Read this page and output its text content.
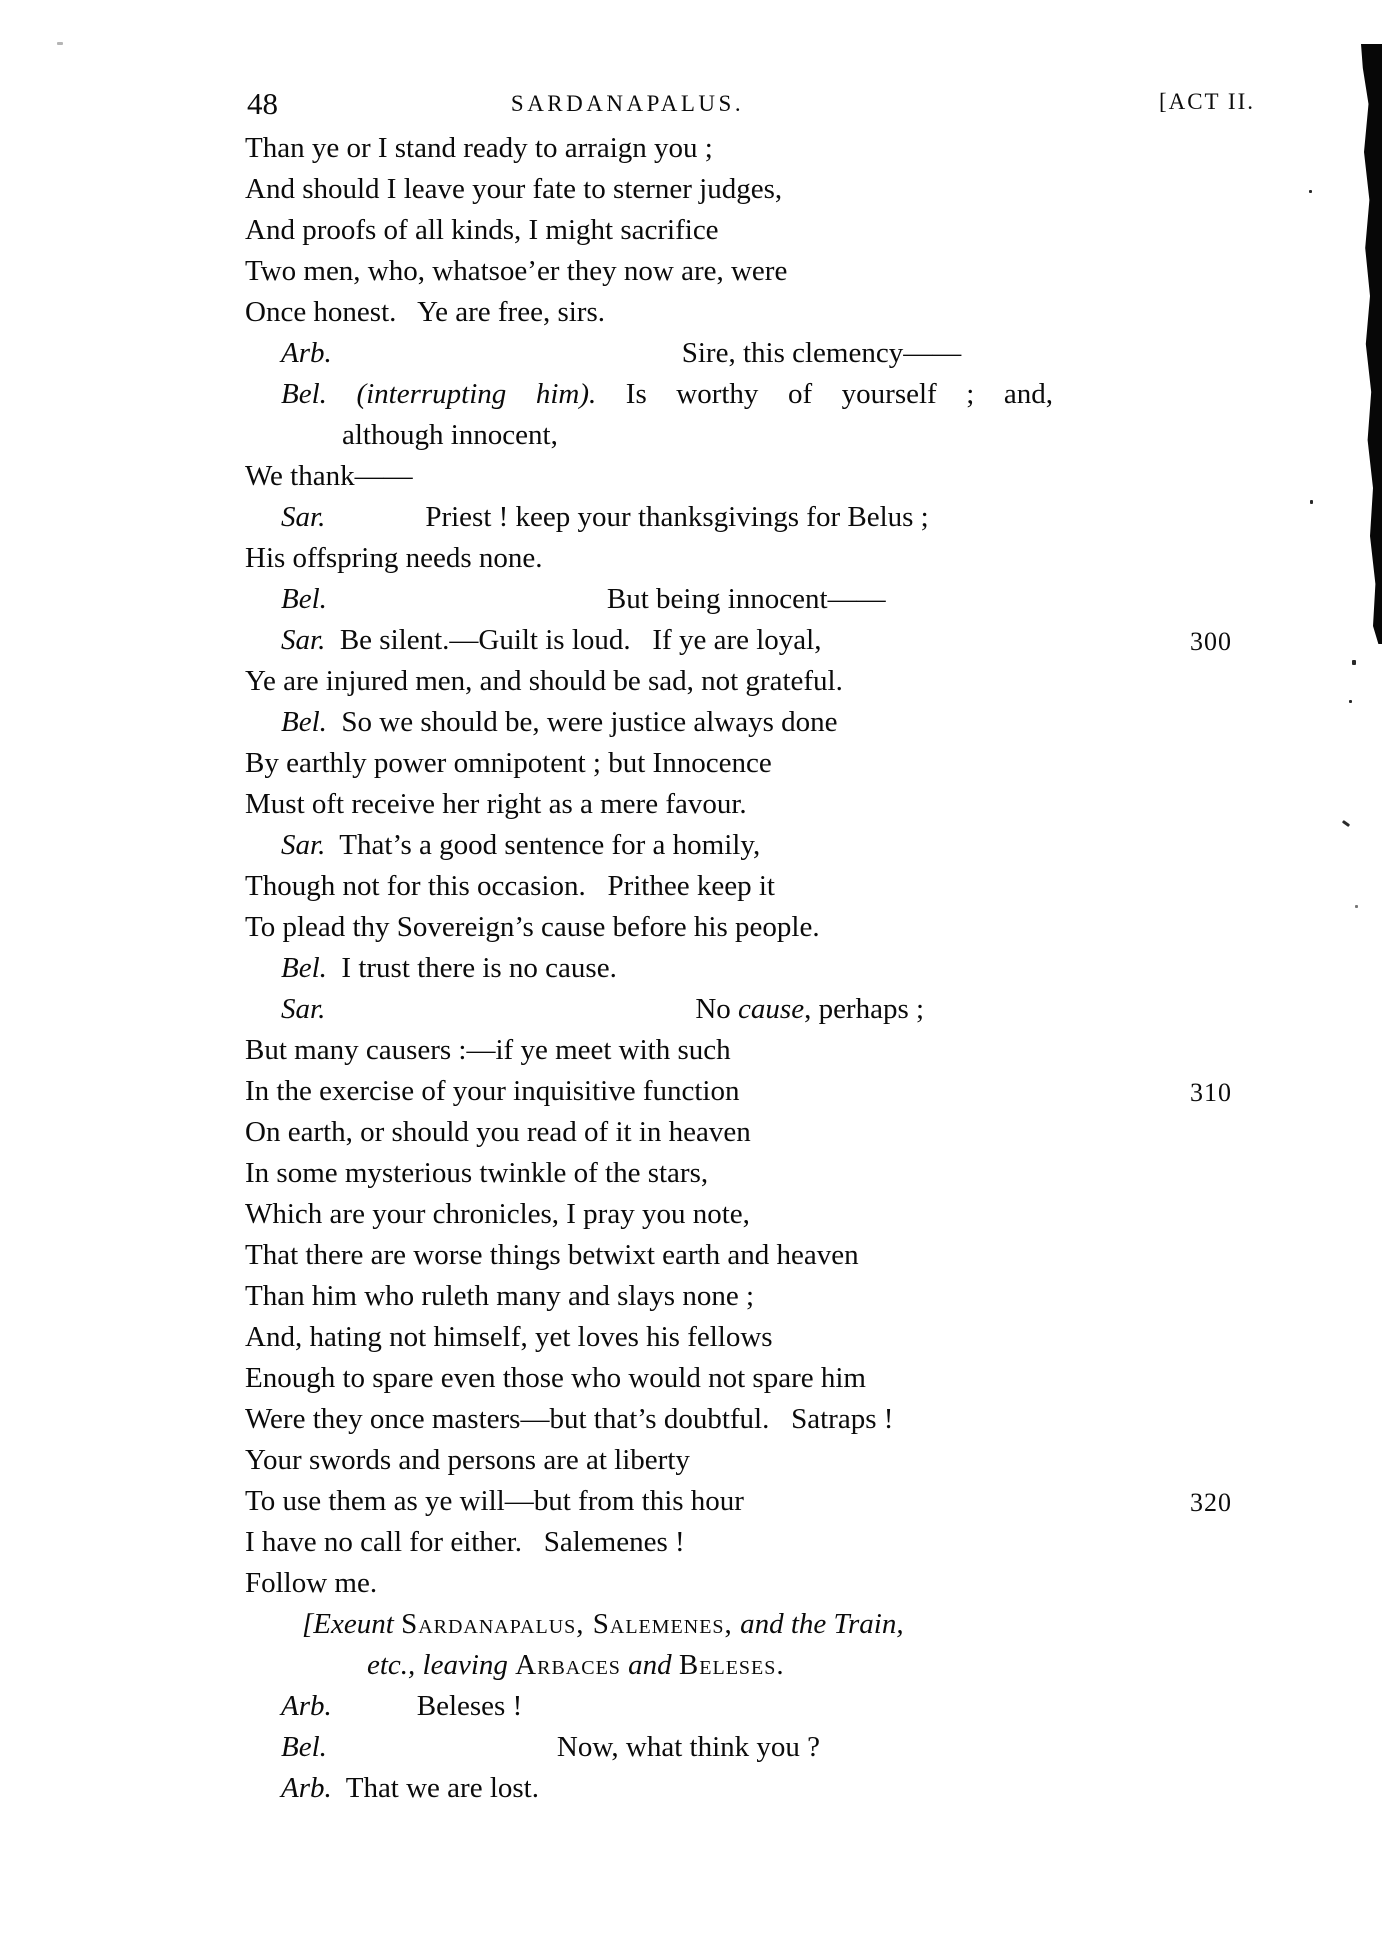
48	SARDANAPALUS.	[ACT II.
Than ye or I stand ready to arraign you ;
And should I leave your fate to sterner judges,
And proofs of all kinds, I might sacrifice
Two men, who, whatsoe’er they now are, were
Once honest.   Ye are free, sirs.
Arb.	Sire, this clemency——
Bel. (interrupting him). Is worthy of yourself ; and,
although innocent,
We thank——
Sar.	Priest ! keep your thanksgivings for Belus ;
His offspring needs none.
Bel.	But being innocent——
Sar.  Be silent.—Guilt is loud.   If ye are loyal,	300
Ye are injured men, and should be sad, not grateful.
Bel.  So we should be, were justice always done
By earthly power omnipotent ; but Innocence
Must oft receive her right as a mere favour.
Sar.  That’s a good sentence for a homily,
Though not for this occasion.   Prithee keep it
To plead thy Sovereign’s cause before his people.
Bel.  I trust there is no cause.
Sar.	No cause, perhaps ;
But many causers :—if ye meet with such
In the exercise of your inquisitive function	310
On earth, or should you read of it in heaven
In some mysterious twinkle of the stars,
Which are your chronicles, I pray you note,
That there are worse things betwixt earth and heaven
Than him who ruleth many and slays none ;
And, hating not himself, yet loves his fellows
Enough to spare even those who would not spare him
Were they once masters—but that’s doubtful.   Satraps !
Your swords and persons are at liberty
To use them as ye will—but from this hour	320
I have no call for either.   Salemenes !
Follow me.
[Exeunt Sardanapalus, Salemenes, and the Train,
etc., leaving Arbaces and Beleses.
Arb.	Beleses !
Bel.	Now, what think you ?
Arb.  That we are lost.
